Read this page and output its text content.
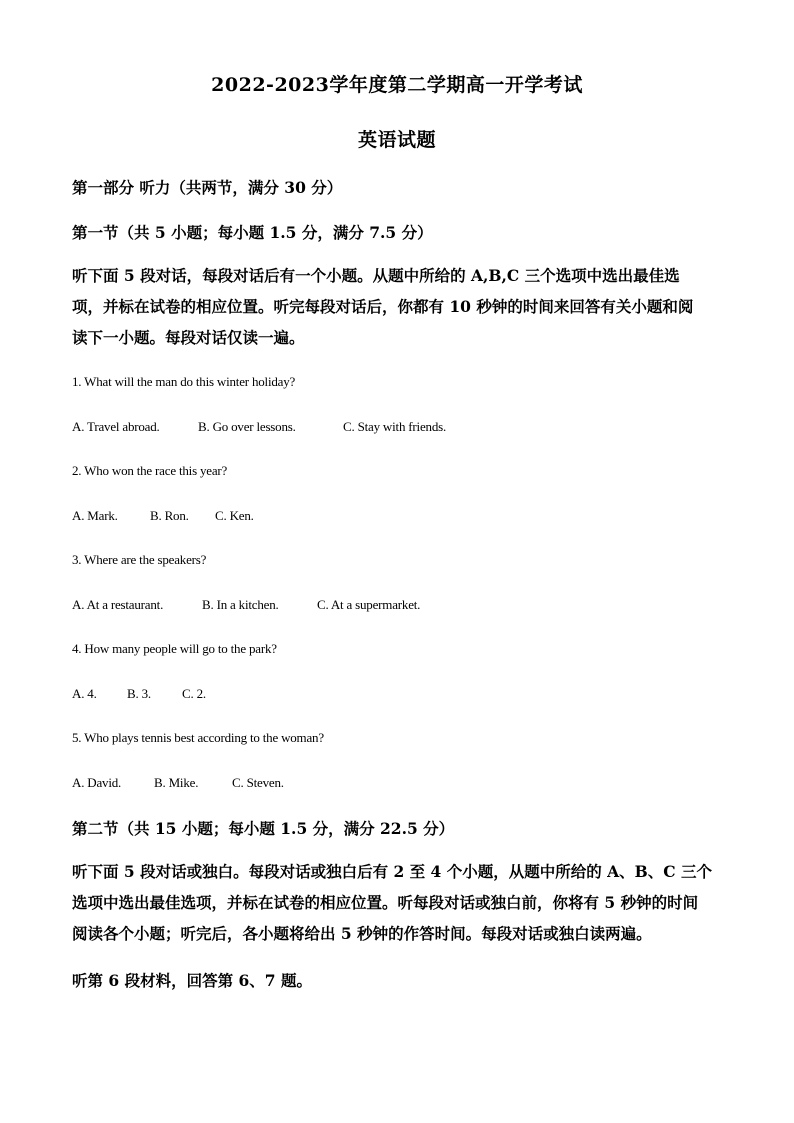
2022-2023学年度第二学期高一开学考试
英语试题
第一部分 听力（共两节，满分 30 分）
第一节（共 5 小题；每小题 1.5 分，满分 7.5 分）
听下面 5 段对话，每段对话后有一个小题。从题中所给的 A,B,C 三个选项中选出最佳选
项，并标在试卷的相应位置。听完每段对话后，你都有 10 秒钟的时间来回答有关小题和阅
读下一小题。每段对话仅读一遍。
1. What will the man do this winter holiday?
A. Travel abroad.	B. Go over lessons.	C. Stay with friends.
2. Who won the race this year?
A. Mark. B. Ron. C. Ken.
3. Where are the speakers?
A. At a restaurant.	B. In a kitchen.	C. At a supermarket.
4. How many people will go to the park?
A. 4. B. 3. C. 2.
5. Who plays tennis best according to the woman?
A. David.	B. Mike.	C. Steven.
第二节（共 15 小题；每小题 1.5 分，满分 22.5 分）
听下面 5 段对话或独白。每段对话或独白后有 2 至 4 个小题，从题中所给的 A、B、C 三个
选项中选出最佳选项，并标在试卷的相应位置。听每段对话或独白前，你将有 5 秒钟的时间
阅读各个小题；听完后，各小题将给出 5 秒钟的作答时间。每段对话或独白读两遍。
听第 6 段材料，回答第 6、7 题。
